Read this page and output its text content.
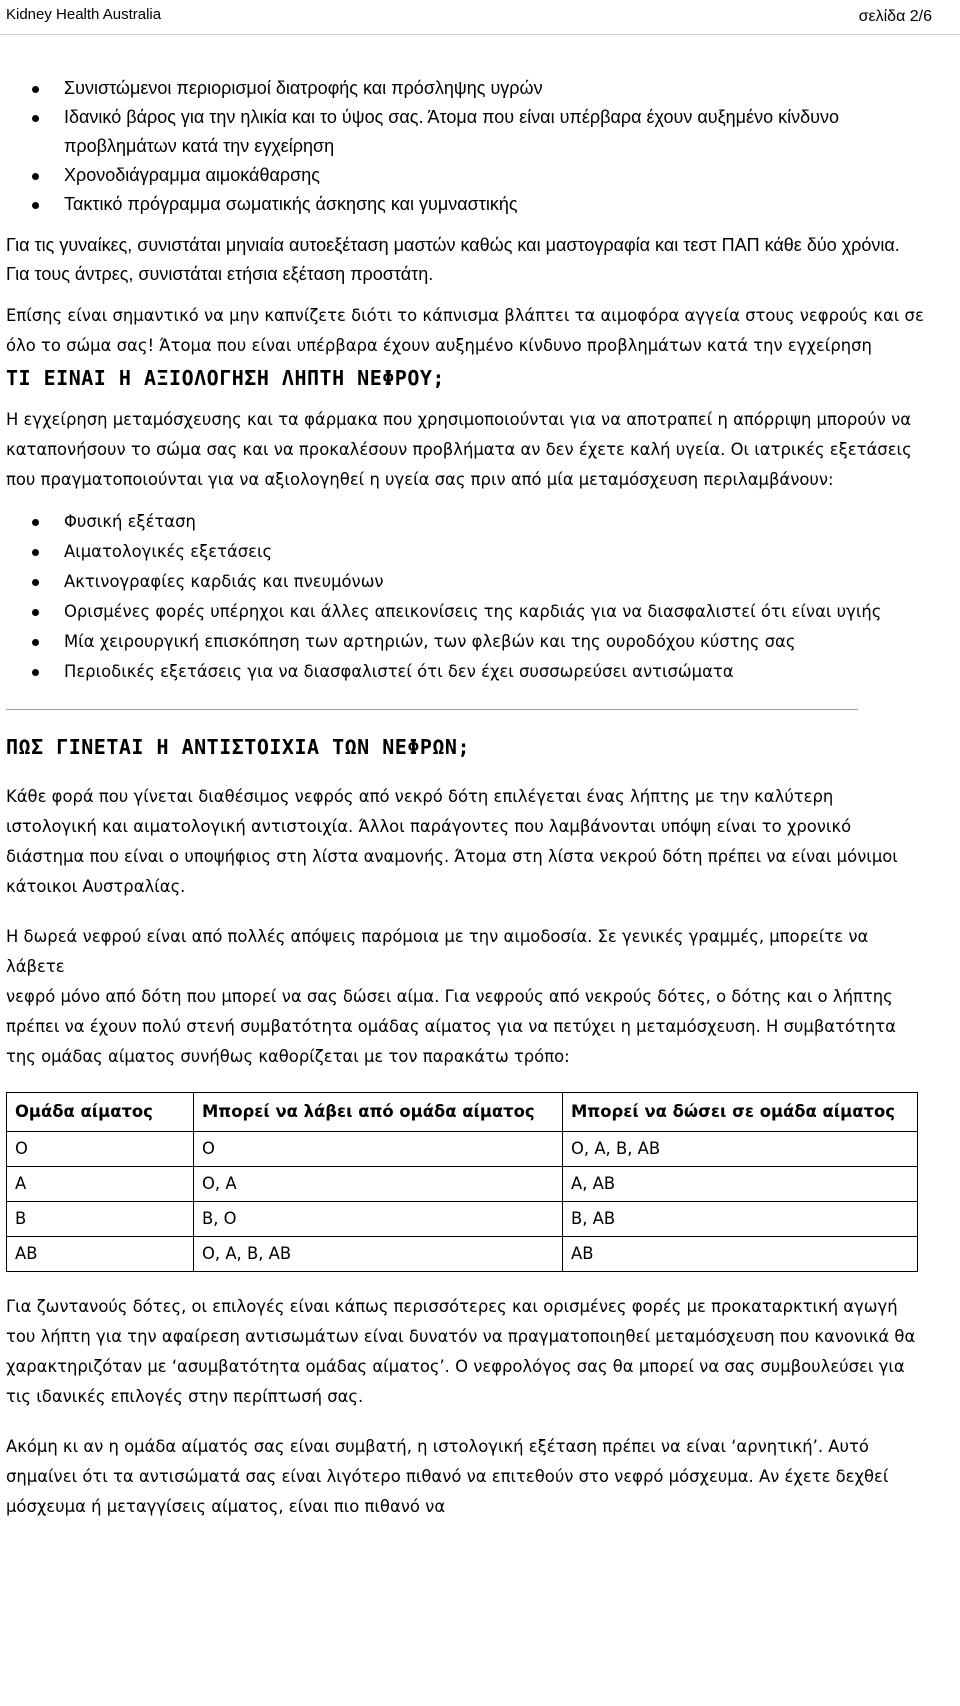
Kidney Health Australia	σελίδα 2/6
Συνιστώμενοι περιορισμοί διατροφής και πρόσληψης υγρών
Ιδανικό βάρος για την ηλικία και το ύψος σας. Άτομα που είναι υπέρβαρα έχουν αυξημένο κίνδυνο προβλημάτων κατά την εγχείρηση
Χρονοδιάγραμμα αιμοκάθαρσης
Τακτικό πρόγραμμα σωματικής άσκησης και γυμναστικής

Για τις γυναίκες, συνιστάται μηνιαία αυτοεξέταση μαστών καθώς και μαστογραφία και τεστ ΠΑΠ κάθε δύο χρόνια. Για τους άντρες, συνιστάται ετήσια εξέταση προστάτη.

Επίσης είναι σημαντικό να μην καπνίζετε διότι το κάπνισμα βλάπτει τα αιμοφόρα αγγεία στους νεφρούς και σε όλο το σώμα σας! Άτομα που είναι υπέρβαρα έχουν αυξημένο κίνδυνο προβλημάτων κατά την εγχείρηση

ΤΙ ΕΙΝΑΙ Η ΑΞΙΟΛΟΓΗΣΗ ΛΗΠΤΗ ΝΕΦΡΟΥ;

Η εγχείρηση μεταμόσχευσης και τα φάρμακα που χρησιμοποιούνται για να αποτραπεί η απόρριψη μπορούν να καταπονήσουν το σώμα σας και να προκαλέσουν προβλήματα αν δεν έχετε καλή υγεία. Οι ιατρικές εξετάσεις που πραγματοποιούνται για να αξιολογηθεί η υγεία σας πριν από μία μεταμόσχευση περιλαμβάνουν:

Φυσική εξέταση
Αιματολογικές εξετάσεις
Ακτινογραφίες καρδιάς και πνευμόνων
Ορισμένες φορές υπέρηχοι και άλλες απεικονίσεις της καρδιάς για να διασφαλιστεί ότι είναι υγιής
Μία χειρουργική επισκόπηση των αρτηριών, των φλεβών και της ουροδόχου κύστης σας
Περιοδικές εξετάσεις για να διασφαλιστεί ότι δεν έχει συσσωρεύσει αντισώματα
ΠΩΣ ΓΙΝΕΤΑΙ Η ΑΝΤΙΣΤΟΙΧΙΑ ΤΩΝ ΝΕΦΡΩΝ;

Κάθε φορά που γίνεται διαθέσιμος νεφρός από νεκρό δότη επιλέγεται ένας λήπτης με την καλύτερη ιστολογική και αιματολογική αντιστοιχία. Άλλοι παράγοντες που λαμβάνονται υπόψη είναι το χρονικό διάστημα που είναι ο υποψήφιος στη λίστα αναμονής. Άτομα στη λίστα νεκρού δότη πρέπει να είναι μόνιμοι κάτοικοι Αυστραλίας.

Η δωρεά νεφρού είναι από πολλές απόψεις παρόμοια με την αιμοδοσία. Σε γενικές γραμμές, μπορείτε να λάβετε
νεφρό μόνο από δότη που μπορεί να σας δώσει αίμα. Για νεφρούς από νεκρούς δότες, ο δότης και ο λήπτης πρέπει να έχουν πολύ στενή συμβατότητα ομάδας αίματος για να πετύχει η μεταμόσχευση. Η συμβατότητα της ομάδας αίματος συνήθως καθορίζεται με τον παρακάτω τρόπο:

Ομάδα αίματος	Μπορεί να λάβει από ομάδα αίματος	Μπορεί να δώσει σε ομάδα αίματος
O	O	O, A, B, AB
A	O, A	A, AB
B	B, O	B, AB
AB	O, A, B, AB	AB

Για ζωντανούς δότες, οι επιλογές είναι κάπως περισσότερες και ορισμένες φορές με προκαταρκτική αγωγή του λήπτη για την αφαίρεση αντισωμάτων είναι δυνατόν να πραγματοποιηθεί μεταμόσχευση που κανονικά θα χαρακτηριζόταν με ‘ασυμβατότητα ομάδας αίματος’. Ο νεφρολόγος σας θα μπορεί να σας συμβουλεύσει για τις ιδανικές επιλογές στην περίπτωσή σας.

Ακόμη κι αν η ομάδα αίματός σας είναι συμβατή, η ιστολογική εξέταση πρέπει να είναι ‘αρνητική’. Αυτό σημαίνει ότι τα αντισώματά σας είναι λιγότερο πιθανό να επιτεθούν στο νεφρό μόσχευμα. Αν έχετε δεχθεί μόσχευμα ή μεταγγίσεις αίματος, είναι πιο πιθανό να
